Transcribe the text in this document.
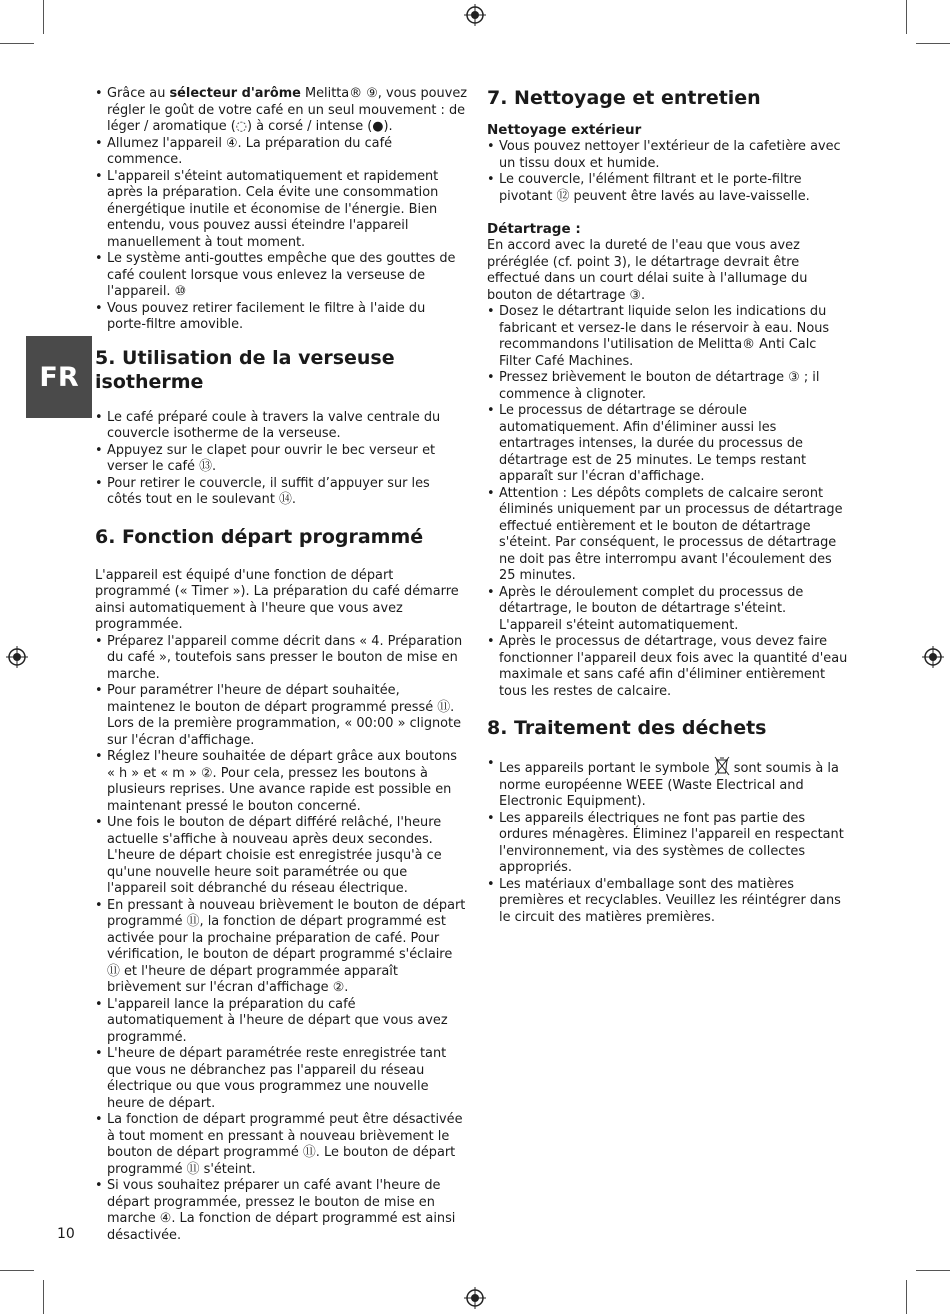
FR
10
• Grâce au sélecteur d'arôme Melitta® ⑨, vous pouvez régler le goût de votre café en un seul mouvement : de léger / aromatique (◌) à corsé / intense (●).
• Allumez l'appareil ④. La préparation du café commence.
• L'appareil s'éteint automatiquement et rapidement après la préparation. Cela évite une consommation énergétique inutile et économise de l'énergie. Bien entendu, vous pouvez aussi éteindre l'appareil manuellement à tout moment.
• Le système anti-gouttes empêche que des gouttes de café coulent lorsque vous enlevez la verseuse de l'appareil. ⑩
• Vous pouvez retirer facilement le filtre à l'aide du porte-filtre amovible.
5. Utilisation de la verseuse isotherme
• Le café préparé coule à travers la valve centrale du couvercle isotherme de la verseuse.
• Appuyez sur le clapet pour ouvrir le bec verseur et verser le café ⑬.
• Pour retirer le couvercle, il suffit d’appuyer sur les côtés tout en le soulevant ⑭.
6. Fonction départ programmé

L'appareil est équipé d'une fonction de départ programmé (« Timer »). La préparation du café démarre ainsi automatiquement à l'heure que vous avez programmée.

• Préparez l'appareil comme décrit dans « 4. Préparation du café », toutefois sans presser le bouton de mise en marche.
• Pour paramétrer l'heure de départ souhaitée, maintenez le bouton de départ programmé pressé ⑪. Lors de la première programmation, « 00:00 » clignote sur l'écran d'affichage.
• Réglez l'heure souhaitée de départ grâce aux boutons « h » et « m » ②. Pour cela, pressez les boutons à plusieurs reprises. Une avance rapide est possible en maintenant pressé le bouton concerné.
• Une fois le bouton de départ différé relâché, l'heure actuelle s'affiche à nouveau après deux secondes. L'heure de départ choisie est enregistrée jusqu'à ce qu'une nouvelle heure soit paramétrée ou que l'appareil soit débranché du réseau électrique.
• En pressant à nouveau brièvement le bouton de départ programmé ⑪, la fonction de départ programmé est activée pour la prochaine préparation de café. Pour vérification, le bouton de départ programmé s'éclaire ⑪ et l'heure de départ programmée apparaît brièvement sur l'écran d'affichage ②.
• L'appareil lance la préparation du café automatiquement à l'heure de départ que vous avez programmé.
• L'heure de départ paramétrée reste enregistrée tant que vous ne débranchez pas l'appareil du réseau électrique ou que vous programmez une nouvelle heure de départ.
• La fonction de départ programmé peut être désactivée à tout moment en pressant à nouveau brièvement le bouton de départ programmé ⑪. Le bouton de départ programmé ⑪ s'éteint.
• Si vous souhaitez préparer un café avant l'heure de départ programmée, pressez le bouton de mise en marche ④. La fonction de départ programmé est ainsi désactivée.
7. Nettoyage et entretien
Nettoyage extérieur
• Vous pouvez nettoyer l'extérieur de la cafetière avec un tissu doux et humide.
• Le couvercle, l'élément filtrant et le porte-filtre pivotant ⑫ peuvent être lavés au lave-vaisselle.
Détartrage :

En accord avec la dureté de l'eau que vous avez préréglée (cf. point 3), le détartrage devrait être effectué dans un court délai suite à l'allumage du bouton de détartrage ③.

• Dosez le détartrant liquide selon les indications du fabricant et versez-le dans le réservoir à eau. Nous recommandons l'utilisation de Melitta® Anti Calc Filter Café Machines.
• Pressez brièvement le bouton de détartrage ③ ; il commence à clignoter.
• Le processus de détartrage se déroule automatiquement. Afin d'éliminer aussi les entartrages intenses, la durée du processus de détartrage est de 25 minutes. Le temps restant apparaît sur l'écran d'affichage.
• Attention : Les dépôts complets de calcaire seront éliminés uniquement par un processus de détartrage effectué entièrement et le bouton de détartrage s'éteint. Par conséquent, le processus de détartrage ne doit pas être interrompu avant l'écoulement des 25 minutes.
• Après le déroulement complet du processus de détartrage, le bouton de détartrage s'éteint. L'appareil s'éteint automatiquement.
• Après le processus de détartrage, vous devez faire fonctionner l'appareil deux fois avec la quantité d'eau maximale et sans café afin d'éliminer entièrement tous les restes de calcaire.
8. Traitement des déchets
• Les appareils portant le symbole  sont soumis à la norme européenne WEEE (Waste Electrical and Electronic Equipment).
• Les appareils électriques ne font pas partie des ordures ménagères. Éliminez l'appareil en respectant l'environnement, via des systèmes de collectes appropriés.
• Les matériaux d'emballage sont des matières premières et recyclables. Veuillez les réintégrer dans le circuit des matières premières.
